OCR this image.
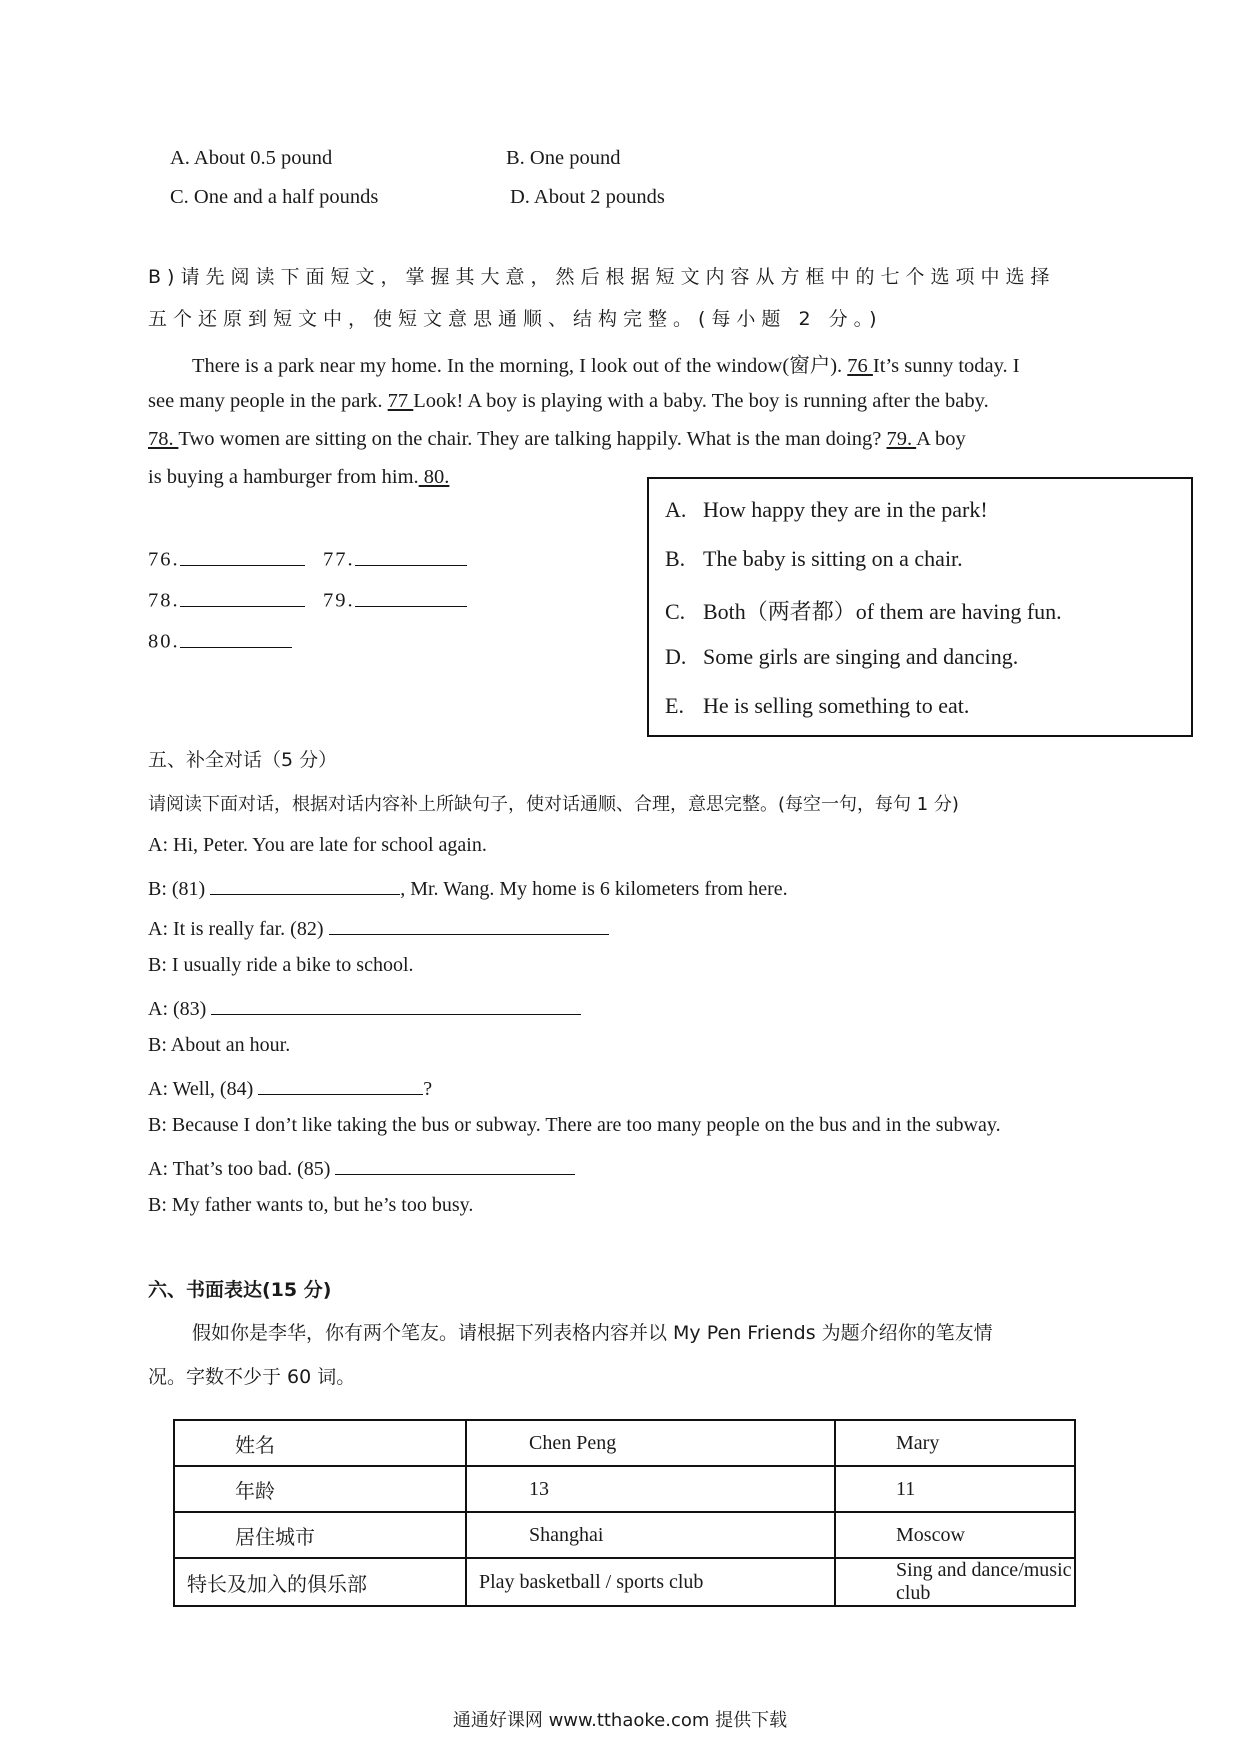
A. About 0.5 pound	B. One pound
C. One and a half pounds	D. About 2 pounds
B)请先阅读下面短文，掌握其大意，然后根据短文内容从方框中的七个选项中选择
五个还原到短文中，使短文意思通顺、结构完整。(每小题 2 分。)
There is a park near my home. In the morning, I look out of the window(窗户). 76 It’s sunny today. I
see many people in the park. 77 Look! A boy is playing with a baby. The boy is running after the baby.
78. Two women are sitting on the chair. They are talking happily. What is the man doing? 79. A boy
is buying a hamburger from him. 80.
A. How happy they are in the park!
B. The baby is sitting on a chair.
C. Both（两者都）of them are having fun.
D. Some girls are singing and dancing.
E. He is selling something to eat.
76.	77.
78.	79.
80.
五、补全对话（5 分）
请阅读下面对话，根据对话内容补上所缺句子，使对话通顺、合理，意思完整。(每空一句，每句 1 分)
A: Hi, Peter. You are late for school again.
B: (81)	, Mr. Wang. My home is 6 kilometers from here.
A: It is really far. (82)
B: I usually ride a bike to school.
A: (83)
B: About an hour.
A: Well, (84)	?
B: Because I don’t like taking the bus or subway. There are too many people on the bus and in the subway.
A: That’s too bad. (85)
B: My father wants to, but he’s too busy.
六、书面表达(15 分)
假如你是李华，你有两个笔友。请根据下列表格内容并以 My Pen Friends 为题介绍你的笔友情
况。字数不少于 60 词。
姓名	Chen Peng	Mary
年龄	13	11
居住城市	Shanghai	Moscow
特长及加入的俱乐部	Play basketball / sports club	Sing and dance/music club
通通好课网 www.tthaoke.com 提供下载
